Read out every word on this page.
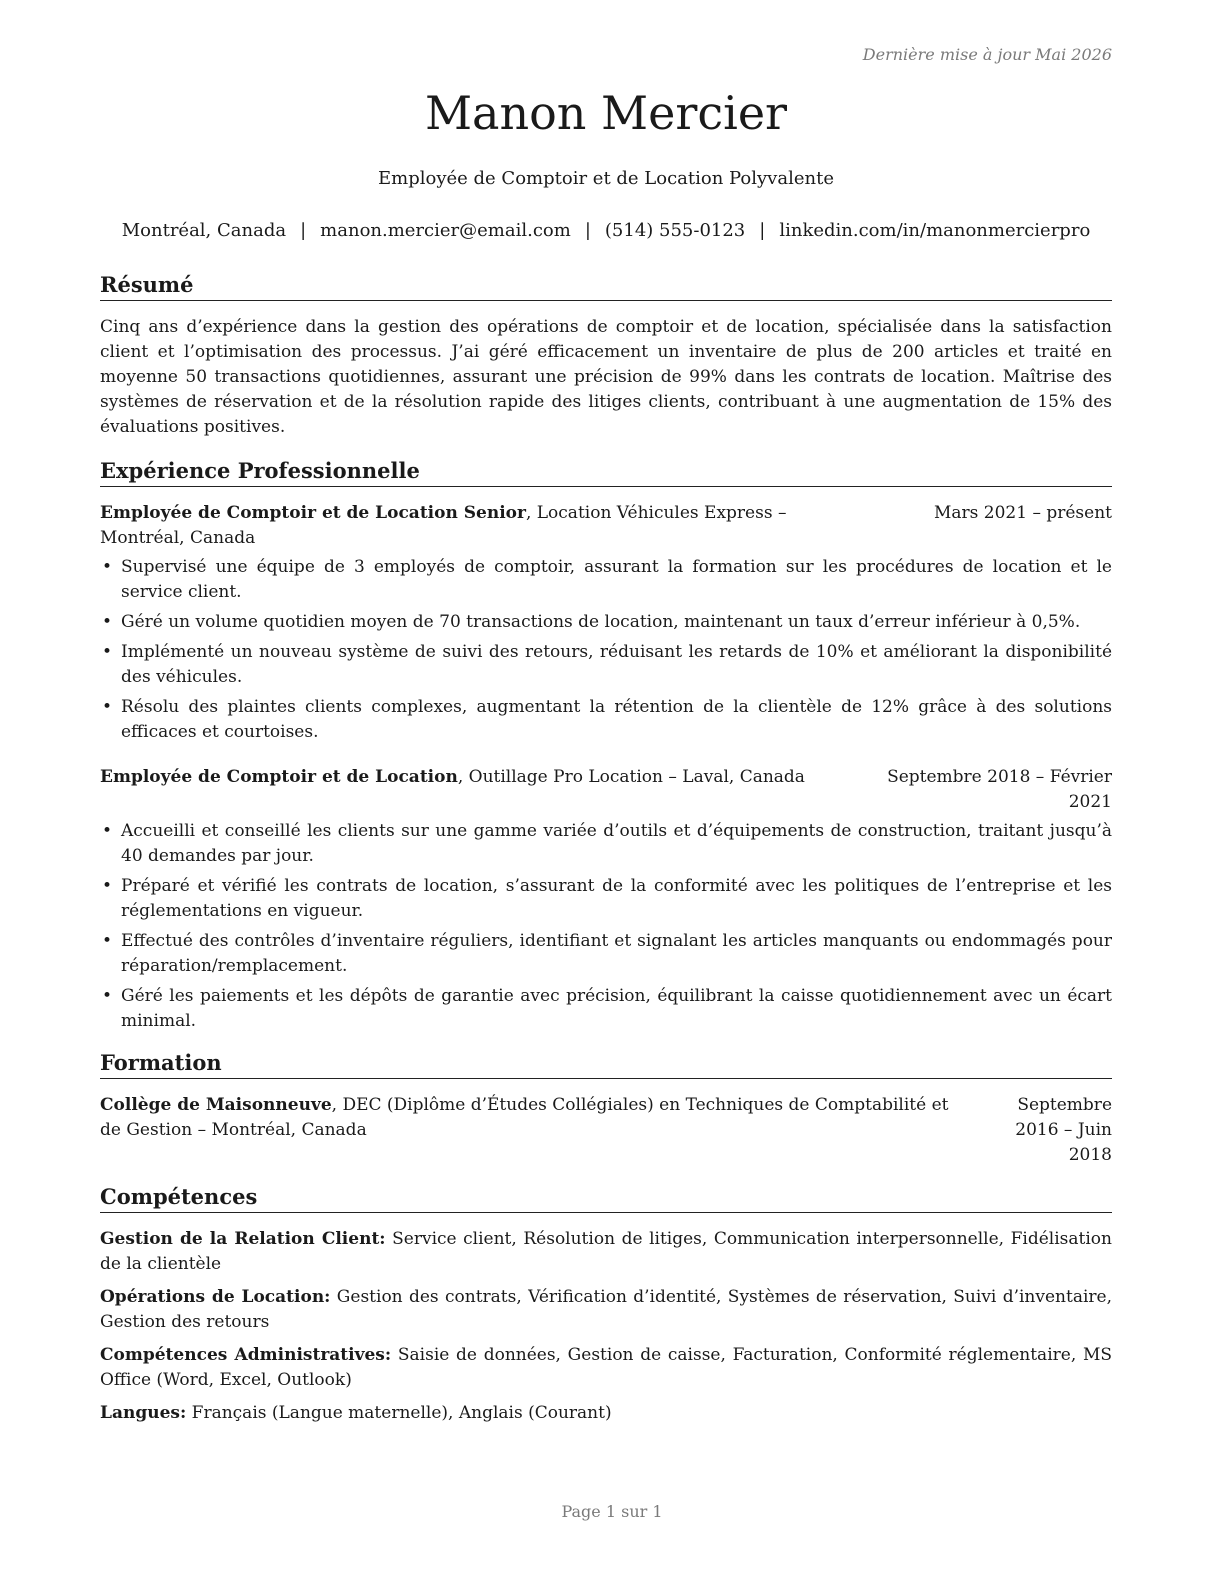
Dernière mise à jour Mai 2026
Manon Mercier
Employée de Comptoir et de Location Polyvalente
Montréal, Canada | manon.mercier@email.com | (514) 555-0123 | linkedin.com/in/manonmercierpro
Résumé

Cinq ans d’expérience dans la gestion des opérations de comptoir et de location, spécialisée dans la satisfaction client et l’optimisation des processus. J’ai géré efficacement un inventaire de plus de 200 articles et traité en moyenne 50 transactions quotidiennes, assurant une précision de 99% dans les contrats de location. Maîtrise des systèmes de réservation et de la résolution rapide des litiges clients, contribuant à une augmentation de 15% des évaluations positives.

Expérience Professionnelle
Employée de Comptoir et de Location Senior, Location Véhicules Express – Montréal, Canada
Mars 2021 – présent
• Supervisé une équipe de 3 employés de comptoir, assurant la formation sur les procédures de location et le service client.
• Géré un volume quotidien moyen de 70 transactions de location, maintenant un taux d’erreur inférieur à 0,5%.
• Implémenté un nouveau système de suivi des retours, réduisant les retards de 10% et améliorant la disponibilité des véhicules.
• Résolu des plaintes clients complexes, augmentant la rétention de la clientèle de 12% grâce à des solutions efficaces et courtoises.
Employée de Comptoir et de Location, Outillage Pro Location – Laval, Canada	Septembre 2018 – Février 2021
• Accueilli et conseillé les clients sur une gamme variée d’outils et d’équipements de construction, traitant jusqu’à 40 demandes par jour.
• Préparé et vérifié les contrats de location, s’assurant de la conformité avec les politiques de l’entreprise et les réglementations en vigueur.
• Effectué des contrôles d’inventaire réguliers, identifiant et signalant les articles manquants ou endommagés pour réparation/remplacement.
• Géré les paiements et les dépôts de garantie avec précision, équilibrant la caisse quotidiennement avec un écart minimal.
Formation
Collège de Maisonneuve, DEC (Diplôme d’Études Collégiales) en Techniques de Comptabilité et de Gestion – Montréal, Canada
Septembre 2016 – Juin 2018
Compétences
Gestion de la Relation Client: Service client, Résolution de litiges, Communication interpersonnelle, Fidélisation de la clientèle
Opérations de Location: Gestion des contrats, Vérification d’identité, Systèmes de réservation, Suivi d’inventaire, Gestion des retours
Compétences Administratives: Saisie de données, Gestion de caisse, Facturation, Conformité réglementaire, MS Office (Word, Excel, Outlook)
Langues: Français (Langue maternelle), Anglais (Courant)
Page 1 sur 1
